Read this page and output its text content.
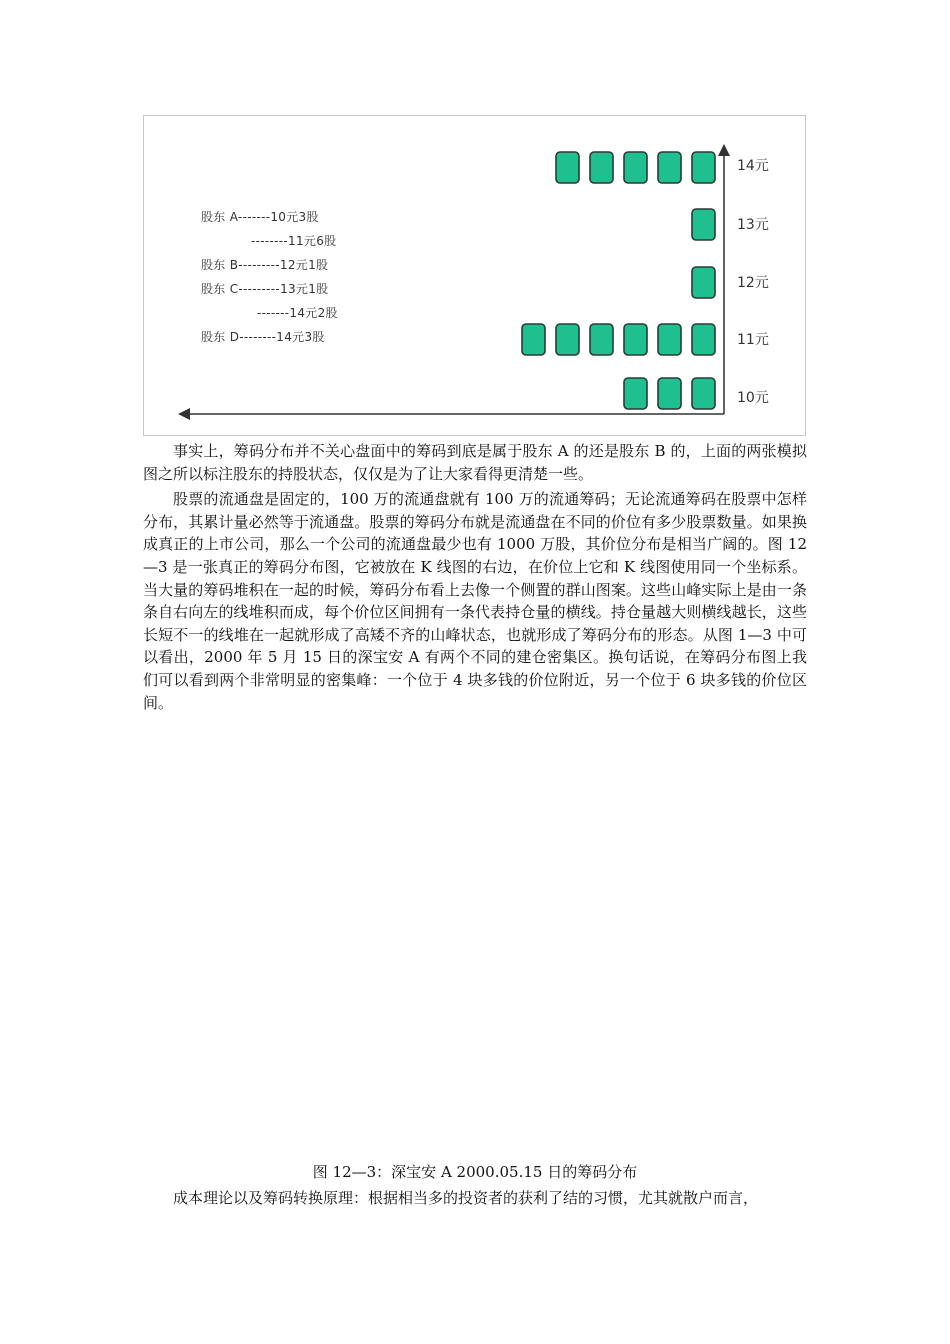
股东 A-------10元3股
--------11元6股
股东 B---------12元1股
股东 C---------13元1股
-------14元2股
股东 D--------14元3股
14元
13元
12元
11元
10元

事实上，筹码分布并不关心盘面中的筹码到底是属于股东 A 的还是股东 B 的，上面的两张模拟图之所以标注股东的持股状态，仅仅是为了让大家看得更清楚一些。

股票的流通盘是固定的，100 万的流通盘就有 100 万的流通筹码；无论流通筹码在股票中怎样分布，其累计量必然等于流通盘。股票的筹码分布就是流通盘在不同的价位有多少股票数量。如果换成真正的上市公司，那么一个公司的流通盘最少也有 1000 万股，其价位分布是相当广阔的。图 12—3 是一张真正的筹码分布图，它被放在 K 线图的右边，在价位上它和 K 线图使用同一个坐标系。当大量的筹码堆积在一起的时候，筹码分布看上去像一个侧置的群山图案。这些山峰实际上是由一条条自右向左的线堆积而成，每个价位区间拥有一条代表持仓量的横线。持仓量越大则横线越长，这些长短不一的线堆在一起就形成了高矮不齐的山峰状态，也就形成了筹码分布的形态。从图 1—3 中可以看出，2000 年 5 月 15 日的深宝安 A 有两个不同的建仓密集区。换句话说，在筹码分布图上我们可以看到两个非常明显的密集峰：一个位于 4 块多钱的价位附近，另一个位于 6 块多钱的价位区间。

图 12—3：深宝安 A 2000.05.15 日的筹码分布

成本理论以及筹码转换原理：根据相当多的投资者的获利了结的习惯，尤其就散户而言，
